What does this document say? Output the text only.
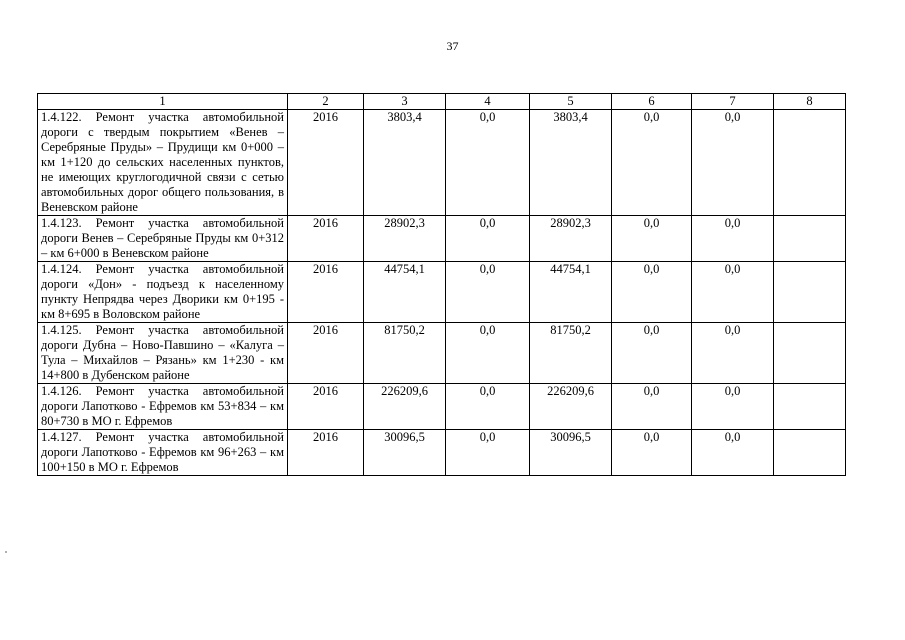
37
1	2	3	4	5	6	7	8
1.4.122. Ремонт участка автомобильной дороги с твердым покрытием «Венев – Серебряные Пруды» – Прудищи км 0+000 – км 1+120 до сельских населенных пунктов, не имеющих круглогодичной связи с сетью автомобильных дорог общего пользования, в Веневском районе	2016	3803,4	0,0	3803,4	0,0	0,0	
1.4.123. Ремонт участка автомобильной дороги Венев – Серебряные Пруды км 0+312 – км 6+000 в Веневском районе	2016	28902,3	0,0	28902,3	0,0	0,0	
1.4.124. Ремонт участка автомобильной дороги «Дон» - подъезд к населенному пункту Непрядва через Дворики км 0+195 - км 8+695 в Воловском районе	2016	44754,1	0,0	44754,1	0,0	0,0	
1.4.125. Ремонт участка автомобильной дороги Дубна – Ново-Павшино – «Калуга – Тула – Михайлов – Рязань» км 1+230 - км 14+800 в Дубенском районе	2016	81750,2	0,0	81750,2	0,0	0,0	
1.4.126. Ремонт участка автомобильной дороги Лапотково - Ефремов км 53+834 – км 80+730 в МО г. Ефремов	2016	226209,6	0,0	226209,6	0,0	0,0	
1.4.127. Ремонт участка автомобильной дороги Лапотково - Ефремов км 96+263 – км 100+150 в МО г. Ефремов	2016	30096,5	0,0	30096,5	0,0	0,0	
